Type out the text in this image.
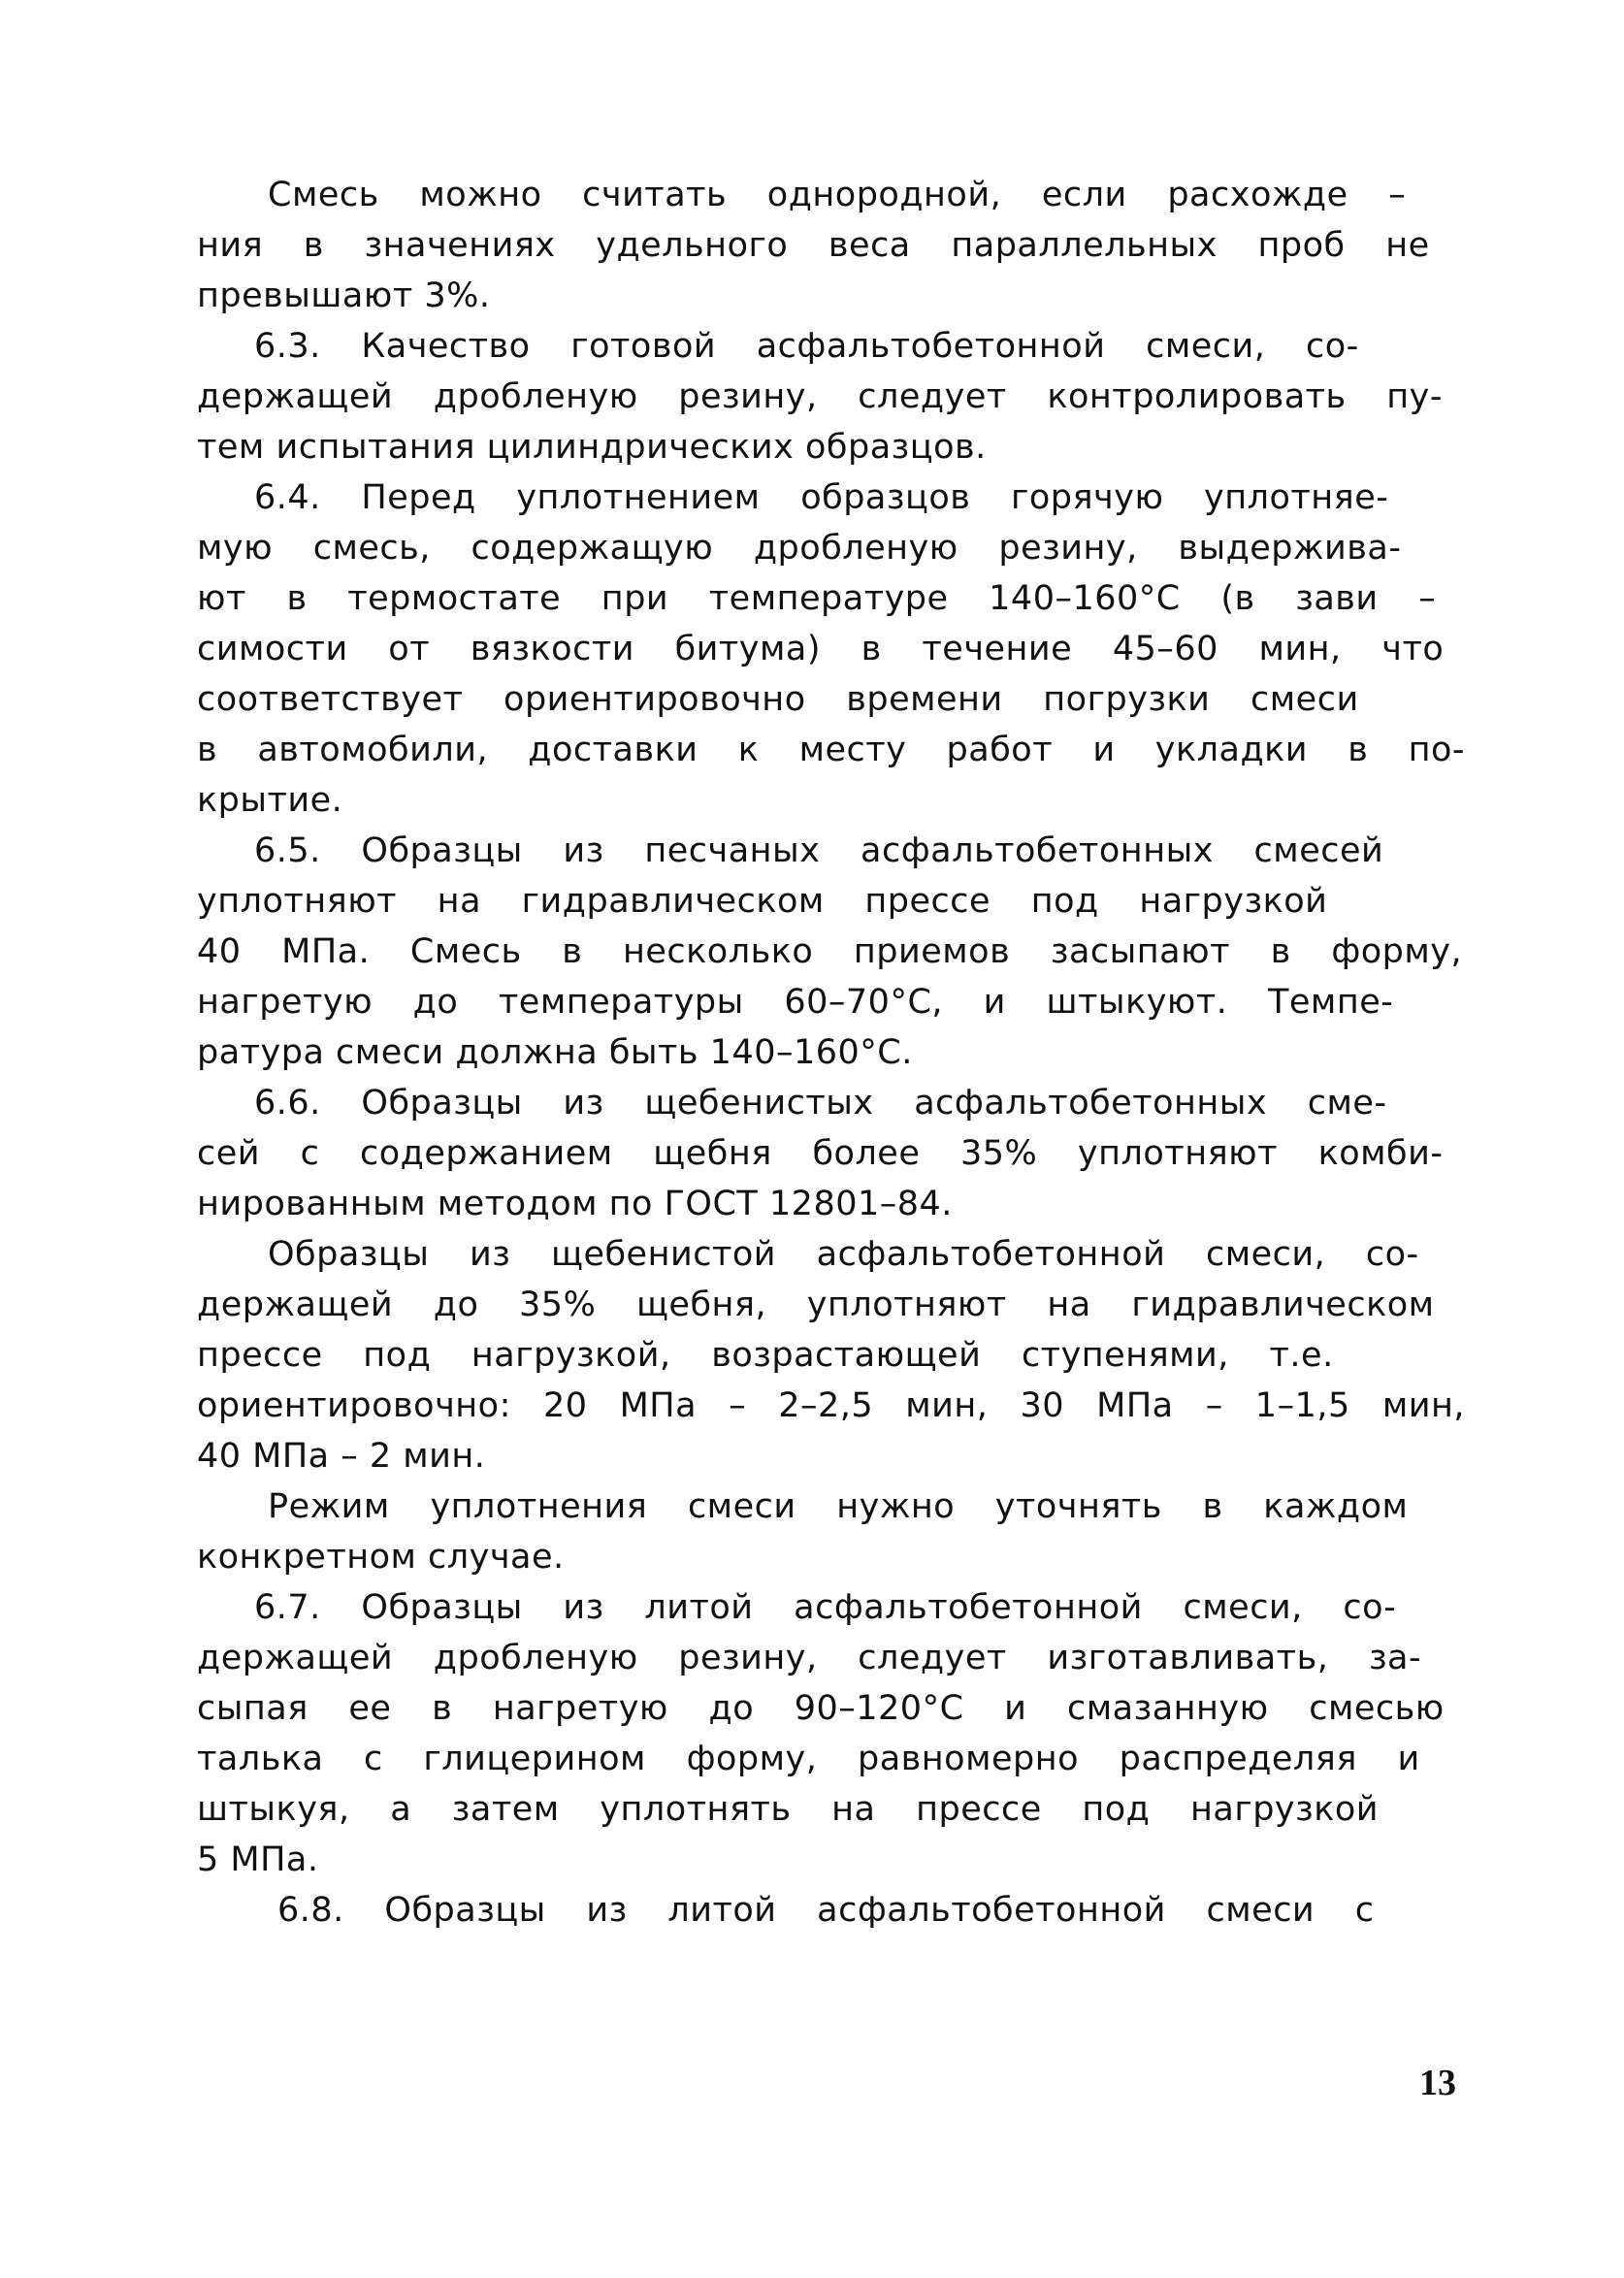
Смесь можно считать однородной, если расхожде –
ния в значениях удельного веса параллельных проб не
превышают 3%.
6.3. Качество готовой асфальтобетонной смеси, со-
держащей дробленую резину, следует контролировать пу-
тем испытания цилиндрических образцов.
6.4. Перед уплотнением образцов горячую уплотняе-
мую смесь, содержащую дробленую резину, выдержива-
ют в термостате при температуре 140–160°С (в зави –
симости от вязкости битума) в течение 45–60 мин, что
соответствует ориентировочно времени погрузки смеси
в автомобили, доставки к месту работ и укладки в по-
крытие.
6.5. Образцы из песчаных асфальтобетонных смесей
уплотняют на гидравлическом прессе под нагрузкой
40 МПа. Смесь в несколько приемов засыпают в форму,
нагретую до температуры 60–70°С, и штыкуют. Темпе-
ратура смеси должна быть 140–160°С.
6.6. Образцы из щебенистых асфальтобетонных сме-
сей с содержанием щебня более 35% уплотняют комби-
нированным методом по ГОСТ 12801–84.
Образцы из щебенистой асфальтобетонной смеси, со-
держащей до 35% щебня, уплотняют на гидравлическом
прессе под нагрузкой, возрастающей ступенями, т.е.
ориентировочно: 20 МПа – 2–2,5 мин, 30 МПа – 1–1,5 мин,
40 МПа – 2 мин.
Режим уплотнения смеси нужно уточнять в каждом
конкретном случае.
6.7. Образцы из литой асфальтобетонной смеси, со-
держащей дробленую резину, следует изготавливать, за-
сыпая ее в нагретую до 90–120°С и смазанную смесью
талька с глицерином форму, равномерно распределяя и
штыкуя, а затем уплотнять на прессе под нагрузкой
5 МПа.
6.8. Образцы из литой асфальтобетонной смеси с
13
